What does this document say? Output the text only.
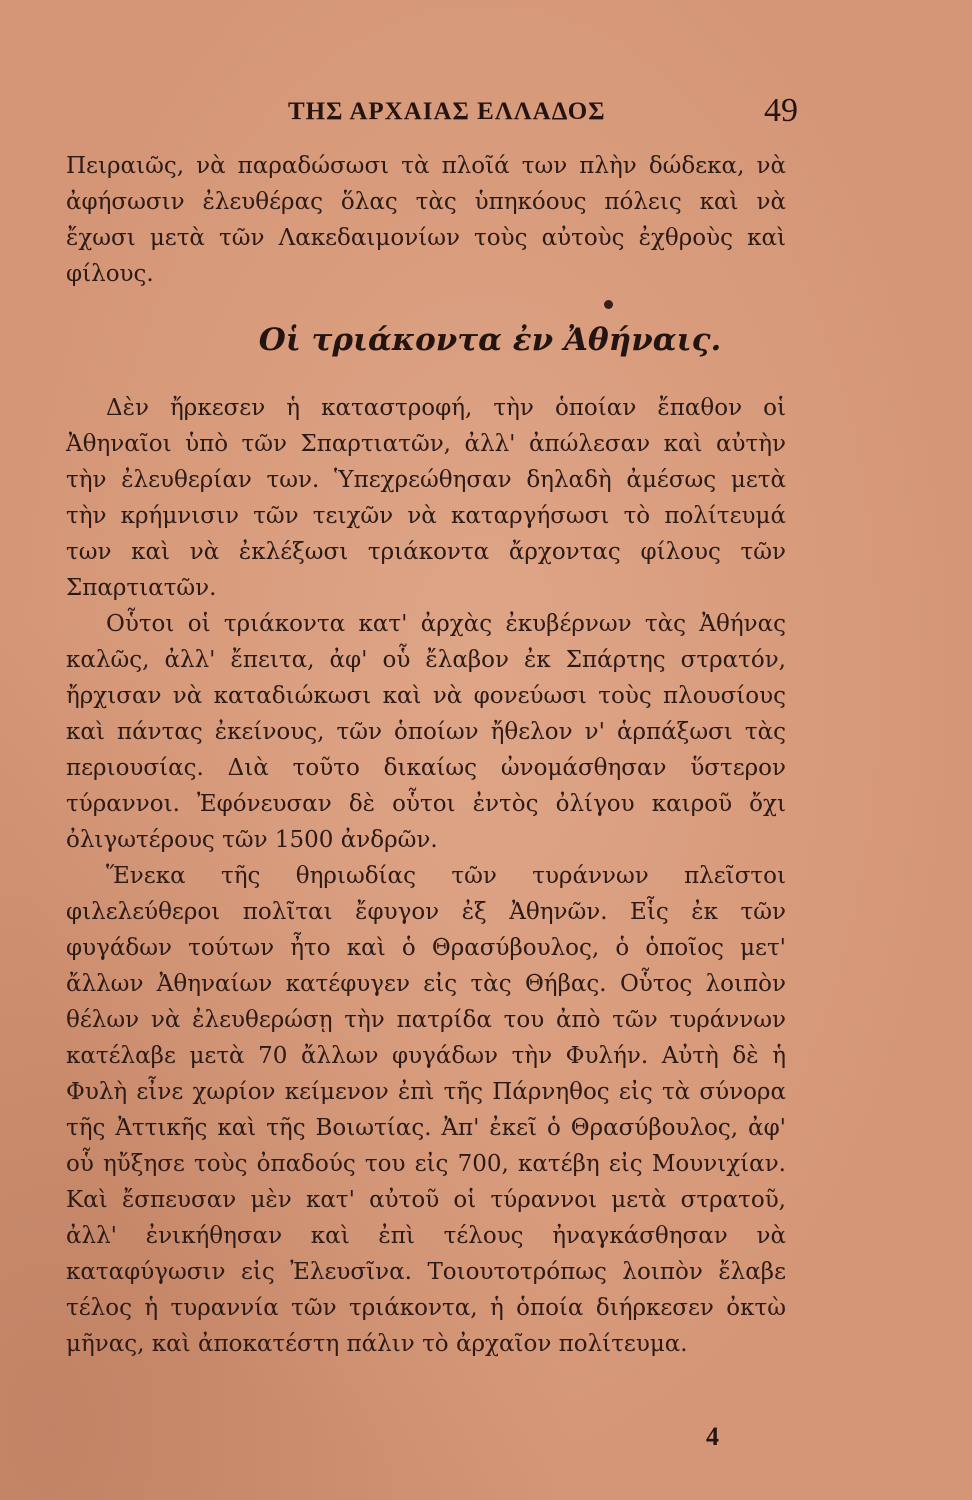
ΤΗΣ ΑΡΧΑΙΑΣ ΕΛΛΑΔΟΣ	49

Πειραιῶς, νὰ παραδώσωσι τὰ πλοῖά των πλὴν δώδεκα, νὰ ἀφήσωσιν ἐλευθέρας ὅλας τὰς ὑπηκόους πόλεις καὶ νὰ ἔχωσι μετὰ τῶν Λακεδαιμονίων τοὺς αὐτοὺς ἐχθροὺς καὶ φίλους.

Οἱ τριάκοντα ἐν Ἀθήναις.

Δὲν ἤρκεσεν ἡ καταστροφή, τὴν ὁποίαν ἔπαθον οἱ Ἀθηναῖοι ὑπὸ τῶν Σπαρτιατῶν, ἀλλ' ἀπώλεσαν καὶ αὐτὴν τὴν ἐλευθερίαν των. Ὑπεχρεώθησαν δηλαδὴ ἀμέσως μετὰ τὴν κρήμνισιν τῶν τειχῶν νὰ καταργήσωσι τὸ πολίτευμά των καὶ νὰ ἐκλέξωσι τριάκοντα ἄρχοντας φίλους τῶν Σπαρτιατῶν.

Οὗτοι οἱ τριάκοντα κατ' ἀρχὰς ἐκυβέρνων τὰς Ἀθήνας καλῶς, ἀλλ' ἔπειτα, ἀφ' οὗ ἔλαβον ἐκ Σπάρτης στρατόν, ἤρχισαν νὰ καταδιώκωσι καὶ νὰ φονεύωσι τοὺς πλουσίους καὶ πάντας ἐκείνους, τῶν ὁποίων ἤθελον ν' ἁρπάξωσι τὰς περιουσίας. Διὰ τοῦτο δικαίως ὠνομάσθησαν ὕστερον τύραννοι. Ἐφόνευσαν δὲ οὗτοι ἐντὸς ὀλίγου καιροῦ ὄχι ὀλιγωτέρους τῶν 1500 ἀνδρῶν.

Ἕνεκα τῆς θηριωδίας τῶν τυράννων πλεῖστοι φιλελεύθεροι πολῖται ἔφυγον ἐξ Ἀθηνῶν. Εἷς ἐκ τῶν φυγάδων τούτων ἦτο καὶ ὁ Θρασύβουλος, ὁ ὁποῖος μετ' ἄλλων Ἀθηναίων κατέφυγεν εἰς τὰς Θήβας. Οὗτος λοιπὸν θέλων νὰ ἐλευθερώσῃ τὴν πατρίδα του ἀπὸ τῶν τυράννων κατέλαβε μετὰ 70 ἄλλων φυγάδων τὴν Φυλήν. Αὐτὴ δὲ ἡ Φυλὴ εἶνε χωρίον κείμενον ἐπὶ τῆς Πάρνηθος εἰς τὰ σύνορα τῆς Ἀττικῆς καὶ τῆς Βοιωτίας. Ἀπ' ἐκεῖ ὁ Θρασύβουλος, ἀφ' οὗ ηὔξησε τοὺς ὀπαδούς του εἰς 700, κατέβη εἰς Μουνιχίαν. Καὶ ἔσπευσαν μὲν κατ' αὐτοῦ οἱ τύραννοι μετὰ στρατοῦ, ἀλλ' ἐνικήθησαν καὶ ἐπὶ τέλους ἠναγκάσθησαν νὰ καταφύγωσιν εἰς Ἐλευσῖνα. Τοιουτοτρόπως λοιπὸν ἔλαβε τέλος ἡ τυραννία τῶν τριάκοντα, ἡ ὁποία διήρκεσεν ὀκτὼ μῆνας, καὶ ἀποκατέστη πάλιν τὸ ἀρχαῖον πολίτευμα.

4
